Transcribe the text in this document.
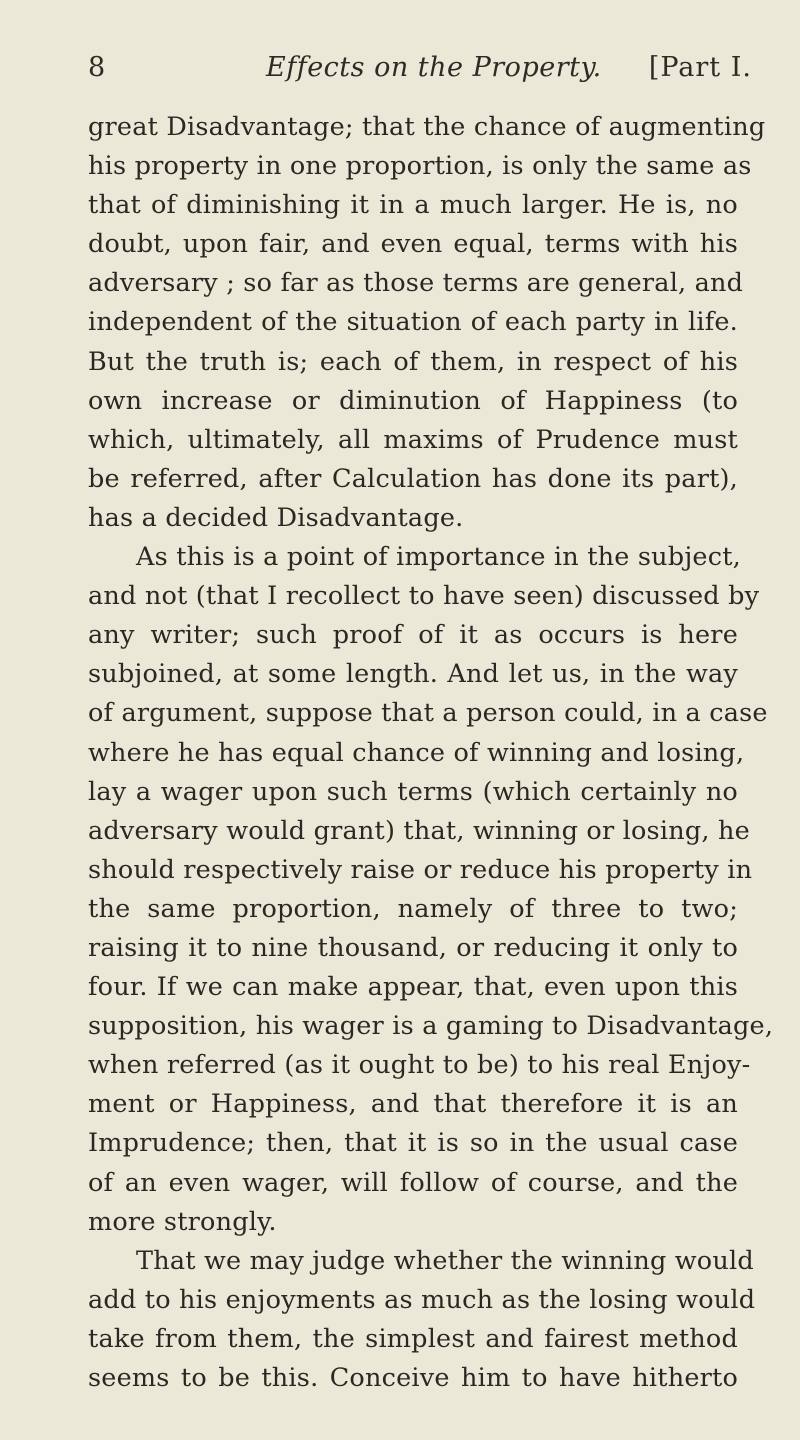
8	Effects on the Property. [Part I.
great Disadvantage; that the chance of augmenting
his property in one proportion, is only the same as
that of diminishing it in a much larger. He is, no
doubt, upon fair, and even equal, terms with his
adversary ; so far as those terms are general, and
independent of the situation of each party in life.
But the truth is; each of them, in respect of his
own increase or diminution of Happiness (to
which, ultimately, all maxims of Prudence must
be referred, after Calculation has done its part),
has a decided Disadvantage.
As this is a point of importance in the subject,
and not (that I recollect to have seen) discussed by
any writer; such proof of it as occurs is here
subjoined, at some length. And let us, in the way
of argument, suppose that a person could, in a case
where he has equal chance of winning and losing,
lay a wager upon such terms (which certainly no
adversary would grant) that, winning or losing, he
should respectively raise or reduce his property in
the same proportion, namely of three to two;
raising it to nine thousand, or reducing it only to
four. If we can make appear, that, even upon this
supposition, his wager is a gaming to Disadvantage,
when referred (as it ought to be) to his real Enjoy-
ment or Happiness, and that therefore it is an
Imprudence; then, that it is so in the usual case
of an even wager, will follow of course, and the
more strongly.
That we may judge whether the winning would
add to his enjoyments as much as the losing would
take from them, the simplest and fairest method
seems to be this. Conceive him to have hitherto
